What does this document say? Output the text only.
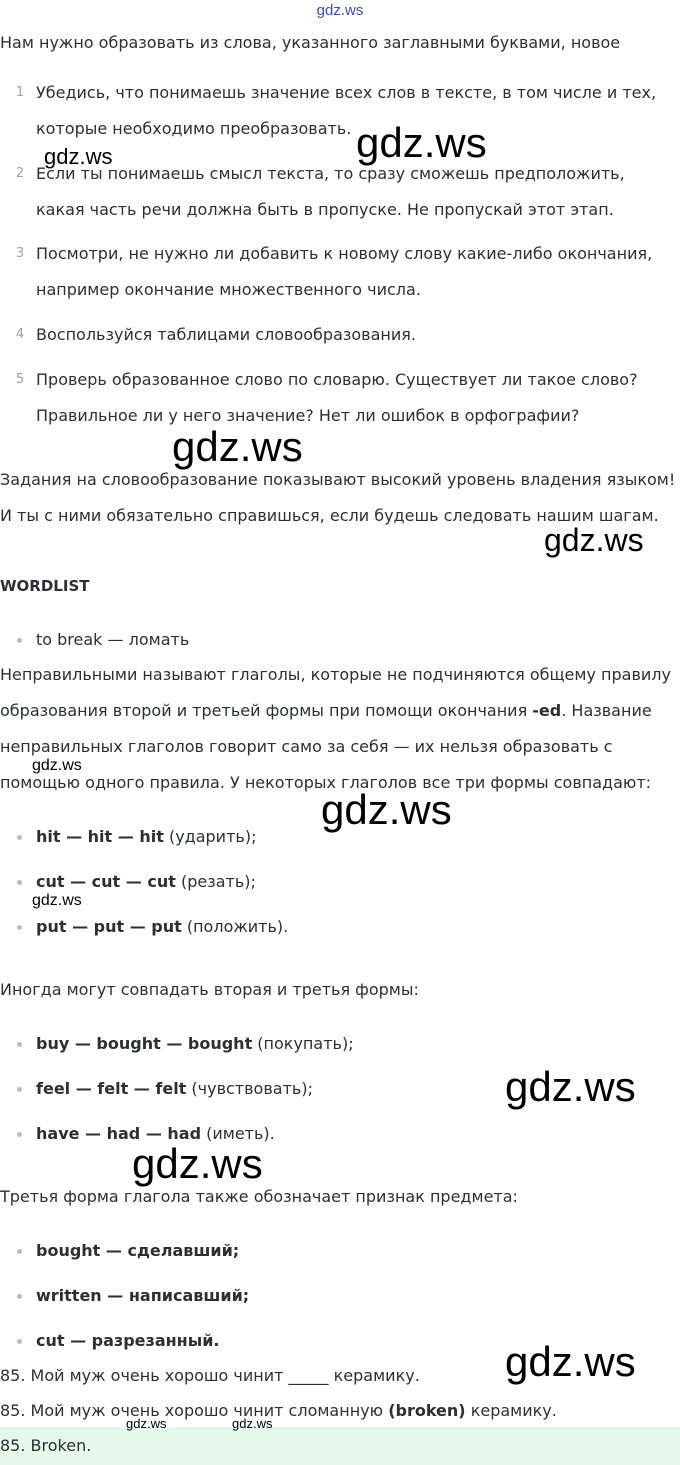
gdz.ws

Нам нужно образовать из слова, указанного заглавными буквами, новое

1 Убедись, что понимаешь значение всех слов в тексте, в том числе и тех, которые необходимо преобразовать.
2 Если ты понимаешь смысл текста, то сразу сможешь предположить, какая часть речи должна быть в пропуске. Не пропускай этот этап.
3 Посмотри, не нужно ли добавить к новому слову какие-либо окончания, например окончание множественного числа.
4 Воспользуйся таблицами словообразования.
5 Проверь образованное слово по словарю. Существует ли такое слово? Правильное ли у него значение? Нет ли ошибок в орфографии?

Задания на словообразование показывают высокий уровень владения языком! И ты с ними обязательно справишься, если будешь следовать нашим шагам.

WORDLIST
to break — ломать

Неправильными называют глаголы, которые не подчиняются общему правилу образования второй и третьей формы при помощи окончания -ed. Название неправильных глаголов говорит само за себя — их нельзя образовать с помощью одного правила. У некоторых глаголов все три формы совпадают:

hit — hit — hit (ударить);
cut — cut — cut (резать);
put — put — put (положить).

Иногда могут совпадать вторая и третья формы:

buy — bought — bought (покупать);
feel — felt — felt (чувствовать);
have — had — had (иметь).

Третья форма глагола также обозначает признак предмета:

bought — сделавший;
written — написавший;
cut — разрезанный.

85. Мой муж очень хорошо чинит _____ керамику.

85. Мой муж очень хорошо чинит сломанную (broken) керамику.

85. Broken.
gdz.ws
gdz.ws
gdz.ws
gdz.ws
gdz.ws
gdz.ws
gdz.ws
gdz.ws
gdz.ws
gdz.ws
gdz.ws	gdz.ws
